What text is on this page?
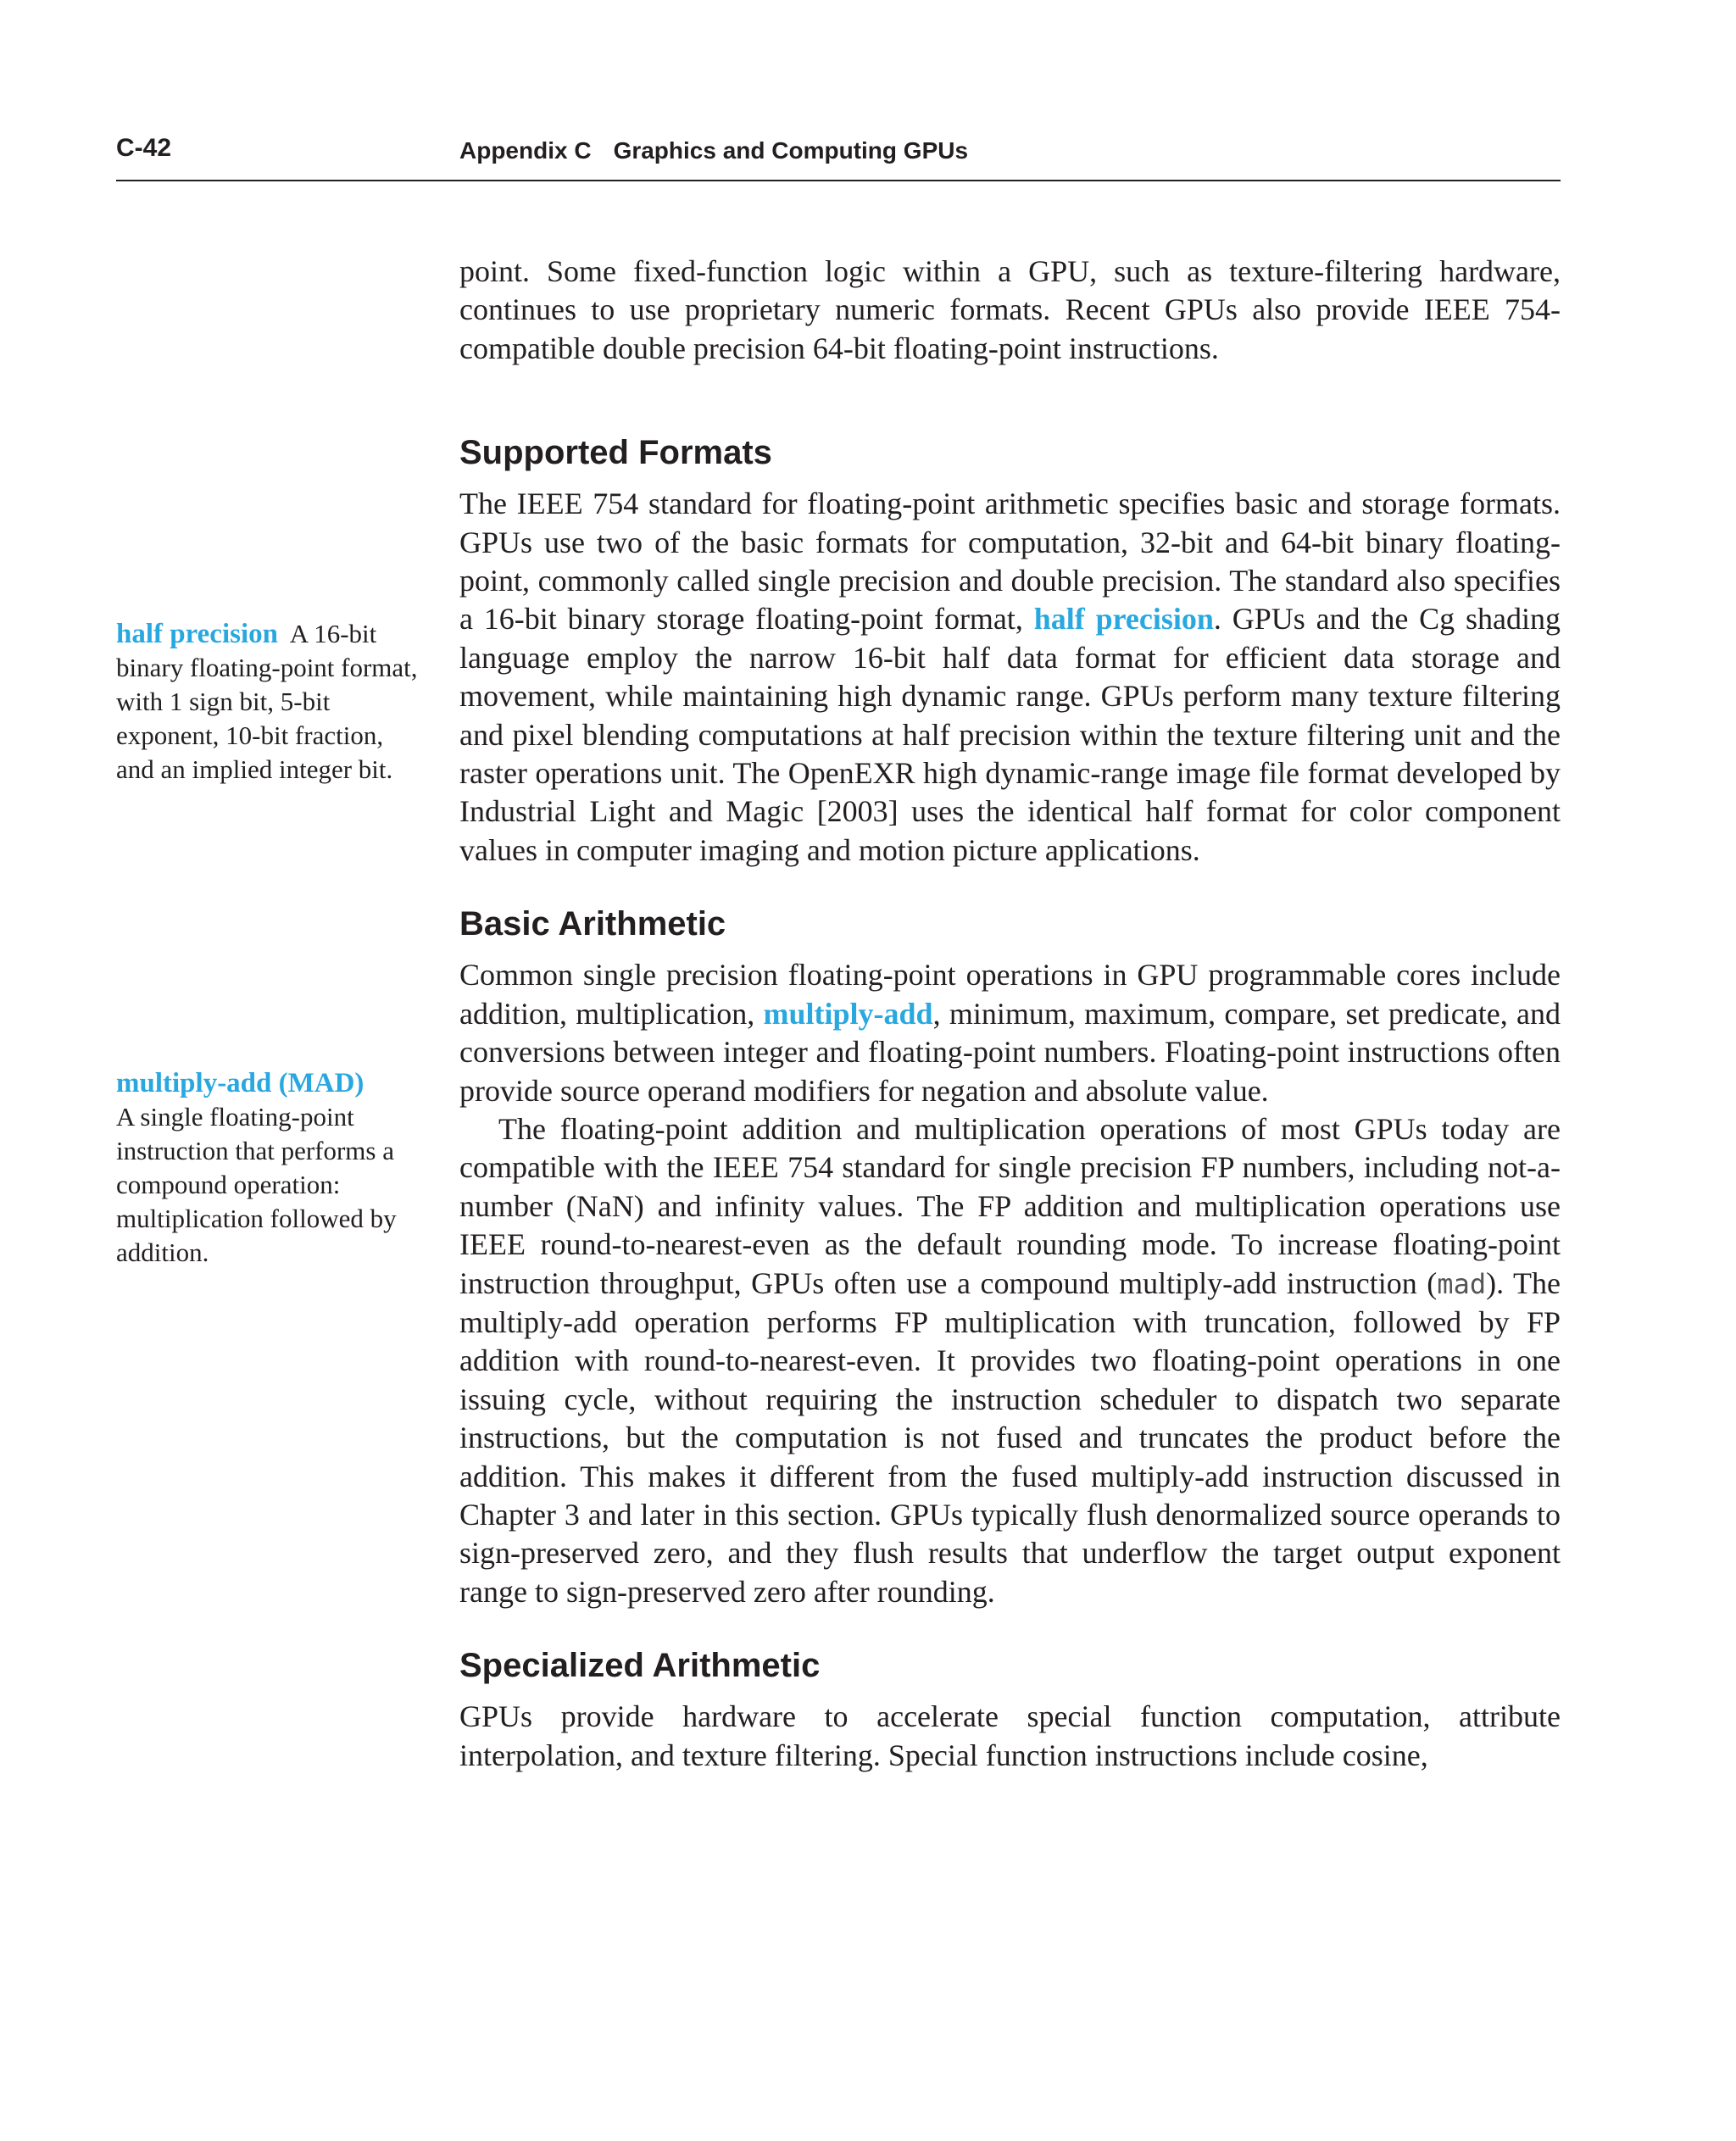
C-42	Appendix C Graphics and Computing GPUs
half precision A 16-bit binary floating-point format, with 1 sign bit, 5-bit exponent, 10-bit fraction, and an implied integer bit.
multiply-add (MAD)
A single floating-point instruction that performs a compound operation: multiplication followed by addition.

point. Some fixed-function logic within a GPU, such as texture-filtering hardware, continues to use proprietary numeric formats. Recent GPUs also provide IEEE 754-compatible double precision 64-bit floating-point instructions.

Supported Formats

The IEEE 754 standard for floating-point arithmetic specifies basic and storage formats. GPUs use two of the basic formats for computation, 32-bit and 64-bit binary floating-point, commonly called single precision and double precision. The standard also specifies a 16-bit binary storage floating-point format, half precision. GPUs and the Cg shading language employ the narrow 16-bit half data format for efficient data storage and movement, while maintaining high dynamic range. GPUs perform many texture filtering and pixel blending computations at half precision within the texture filtering unit and the raster operations unit. The OpenEXR high dynamic-range image file format developed by Industrial Light and Magic [2003] uses the identical half format for color component values in computer imaging and motion picture applications.

Basic Arithmetic

Common single precision floating-point operations in GPU programmable cores include addition, multiplication, multiply-add, minimum, maximum, compare, set predicate, and conversions between integer and floating-point numbers. Floating-point instructions often provide source operand modifiers for negation and absolute value.

The floating-point addition and multiplication operations of most GPUs today are compatible with the IEEE 754 standard for single precision FP numbers, including not-a-number (NaN) and infinity values. The FP addition and multiplication operations use IEEE round-to-nearest-even as the default rounding mode. To increase floating-point instruction throughput, GPUs often use a compound multiply-add instruction (mad). The multiply-add operation performs FP multiplication with truncation, followed by FP addition with round-to-nearest-even. It provides two floating-point operations in one issuing cycle, without requiring the instruction scheduler to dispatch two separate instructions, but the computation is not fused and truncates the product before the addition. This makes it different from the fused multiply-add instruction discussed in Chapter 3 and later in this section. GPUs typically flush denormalized source operands to sign-preserved zero, and they flush results that underflow the target output exponent range to sign-preserved zero after rounding.

Specialized Arithmetic

GPUs provide hardware to accelerate special function computation, attribute interpolation, and texture filtering. Special function instructions include cosine,
